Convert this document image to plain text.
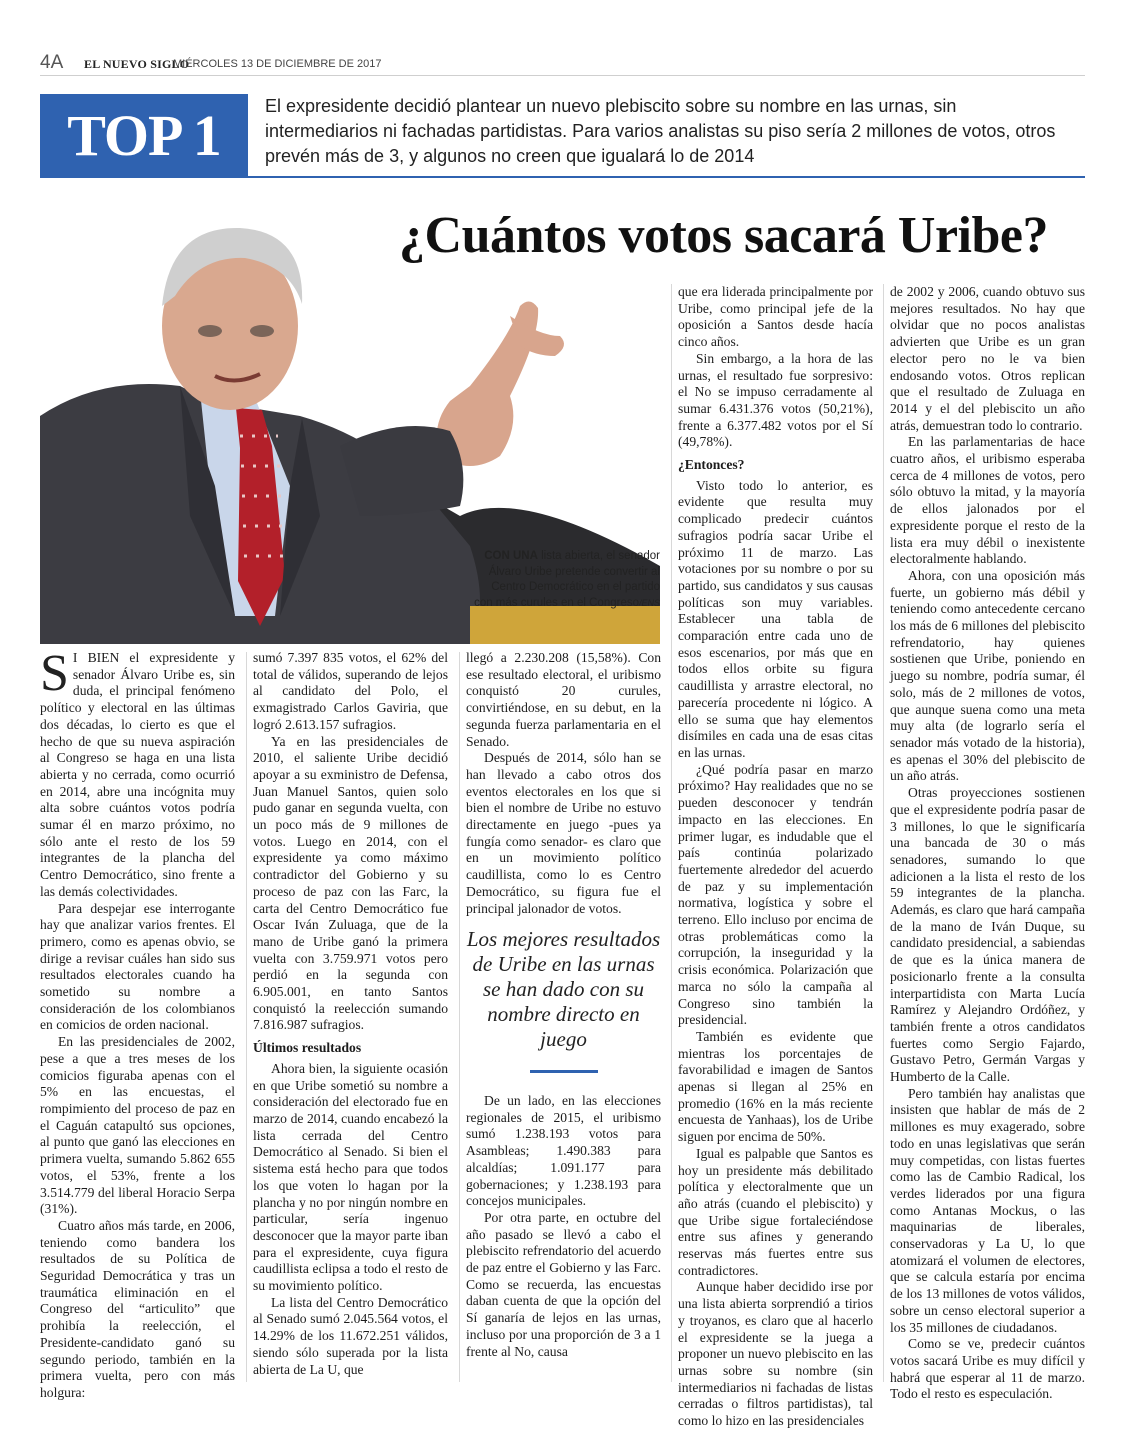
4A EL NUEVO SIGLO
MIÉRCOLES 13 DE DICIEMBRE DE 2017
TOP 1	El expresidente decidió plantear un nuevo plebiscito sobre su nombre en las urnas, sin intermediarios ni fachadas partidistas. Para varios analistas su piso sería 2 millones de votos, otros prevén más de 3, y algunos no creen que igualará lo de 2014
CON UNA lista abierta, el senador Álvaro Uribe pretende convertir al Centro Democrático en el partido con más curules en el Congreso/ENS
¿Cuántos votos sacará Uribe?

S I BIEN el expresidente y senador Álvaro Uribe es, sin duda, el principal fenómeno político y electoral en las últimas dos décadas, lo cierto es que el hecho de que su nueva aspiración al Congreso se haga en una lista abierta y no cerrada, como ocurrió en 2014, abre una incógnita muy alta sobre cuántos votos podría sumar él en marzo próximo, no sólo ante el resto de los 59 integrantes de la plancha del Centro Democrático, sino frente a las demás colectividades.

Para despejar ese interrogante hay que analizar varios frentes. El primero, como es apenas obvio, se dirige a revisar cuáles han sido sus resultados electorales cuando ha sometido su nombre a consideración de los colombianos en comicios de orden nacional.

En las presidenciales de 2002, pese a que a tres meses de los comicios figuraba apenas con el 5% en las encuestas, el rompimiento del proceso de paz en el Caguán catapultó sus opciones, al punto que ganó las elecciones en primera vuelta, sumando 5.862 655 votos, el 53%, frente a los 3.514.779 del liberal Horacio Serpa (31%).

Cuatro años más tarde, en 2006, teniendo como bandera los resultados de su Política de Seguridad Democrática y tras un traumática eliminación en el Congreso del “articulito” que prohibía la reelección, el Presidente-candidato ganó su segundo periodo, también en la primera vuelta, pero con más holgura:

sumó 7.397 835 votos, el 62% del total de válidos, superando de lejos al candidato del Polo, el exmagistrado Carlos Gaviria, que logró 2.613.157 sufragios.

Ya en las presidenciales de 2010, el saliente Uribe decidió apoyar a su exministro de Defensa, Juan Manuel Santos, quien solo pudo ganar en segunda vuelta, con un poco más de 9 millones de votos. Luego en 2014, con el expresidente ya como máximo contradictor del Gobierno y su proceso de paz con las Farc, la carta del Centro Democrático fue Oscar Iván Zuluaga, que de la mano de Uribe ganó la primera vuelta con 3.759.971 votos pero perdió en la segunda con 6.905.001, en tanto Santos conquistó la reelección sumando 7.816.987 sufragios.

Últimos resultados

Ahora bien, la siguiente ocasión en que Uribe sometió su nombre a consideración del electorado fue en marzo de 2014, cuando encabezó la lista cerrada del Centro Democrático al Senado. Si bien el sistema está hecho para que todos los que voten lo hagan por la plancha y no por ningún nombre en particular, sería ingenuo desconocer que la mayor parte iban para el expresidente, cuya figura caudillista eclipsa a todo el resto de su movimiento político.

La lista del Centro Democrático al Senado sumó 2.045.564 votos, el 14.29% de los 11.672.251 válidos, siendo sólo superada por la lista abierta de La U, que

llegó a 2.230.208 (15,58%). Con ese resultado electoral, el uribismo conquistó 20 curules, convirtiéndose, en su debut, en la segunda fuerza parlamentaria en el Senado.

Después de 2014, sólo han se han llevado a cabo otros dos eventos electorales en los que si bien el nombre de Uribe no estuvo directamente en juego -pues ya fungía como senador- es claro que en un movimiento político caudillista, como lo es Centro Democrático, su figura fue el principal jalonador de votos.

Los mejores resultados de Uribe en las urnas se han dado con su nombre directo en juego

De un lado, en las elecciones regionales de 2015, el uribismo sumó 1.238.193 votos para Asambleas; 1.490.383 para alcaldías; 1.091.177 para gobernaciones; y 1.238.193 para concejos municipales.

Por otra parte, en octubre del año pasado se llevó a cabo el plebiscito refrendatorio del acuerdo de paz entre el Gobierno y las Farc. Como se recuerda, las encuestas daban cuenta de que la opción del Sí ganaría de lejos en las urnas, incluso por una proporción de 3 a 1 frente al No, causa

que era liderada principalmente por Uribe, como principal jefe de la oposición a Santos desde hacía cinco años.

Sin embargo, a la hora de las urnas, el resultado fue sorpresivo: el No se impuso cerradamente al sumar 6.431.376 votos (50,21%), frente a 6.377.482 votos por el Sí (49,78%).

¿Entonces?

Visto todo lo anterior, es evidente que resulta muy complicado predecir cuántos sufragios podría sacar Uribe el próximo 11 de marzo. Las votaciones por su nombre o por su partido, sus candidatos y sus causas políticas son muy variables. Establecer una tabla de comparación entre cada uno de esos escenarios, por más que en todos ellos orbite su figura caudillista y arrastre electoral, no parecería procedente ni lógico. A ello se suma que hay elementos disímiles en cada una de esas citas en las urnas.

¿Qué podría pasar en marzo próximo? Hay realidades que no se pueden desconocer y tendrán impacto en las elecciones. En primer lugar, es indudable que el país continúa polarizado fuertemente alrededor del acuerdo de paz y su implementación normativa, logística y sobre el terreno. Ello incluso por encima de otras problemáticas como la corrupción, la inseguridad y la crisis económica. Polarización que marca no sólo la campaña al Congreso sino también la presidencial.

También es evidente que mientras los porcentajes de favorabilidad e imagen de Santos apenas si llegan al 25% en promedio (16% en la más reciente encuesta de Yanhaas), los de Uribe siguen por encima de 50%.

Igual es palpable que Santos es hoy un presidente más debilitado política y electoralmente que un año atrás (cuando el plebiscito) y que Uribe sigue fortaleciéndose entre sus afines y generando reservas más fuertes entre sus contradictores.

Aunque haber decidido irse por una lista abierta sorprendió a tirios y troyanos, es claro que al hacerlo el expresidente se la juega a proponer un nuevo plebiscito en las urnas sobre su nombre (sin intermediarios ni fachadas de listas cerradas o filtros partidistas), tal como lo hizo en las presidenciales

de 2002 y 2006, cuando obtuvo sus mejores resultados. No hay que olvidar que no pocos analistas advierten que Uribe es un gran elector pero no le va bien endosando votos. Otros replican que el resultado de Zuluaga en 2014 y el del plebiscito un año atrás, demuestran todo lo contrario.

En las parlamentarias de hace cuatro años, el uribismo esperaba cerca de 4 millones de votos, pero sólo obtuvo la mitad, y la mayoría de ellos jalonados por el expresidente porque el resto de la lista era muy débil o inexistente electoralmente hablando.

Ahora, con una oposición más fuerte, un gobierno más débil y teniendo como antecedente cercano los más de 6 millones del plebiscito refrendatorio, hay quienes sostienen que Uribe, poniendo en juego su nombre, podría sumar, él solo, más de 2 millones de votos, que aunque suena como una meta muy alta (de lograrlo sería el senador más votado de la historia), es apenas el 30% del plebiscito de un año atrás.

Otras proyecciones sostienen que el expresidente podría pasar de 3 millones, lo que le significaría una bancada de 30 o más senadores, sumando lo que adicionen a la lista el resto de los 59 integrantes de la plancha. Además, es claro que hará campaña de la mano de Iván Duque, su candidato presidencial, a sabiendas de que es la única manera de posicionarlo frente a la consulta interpartidista con Marta Lucía Ramírez y Alejandro Ordóñez, y también frente a otros candidatos fuertes como Sergio Fajardo, Gustavo Petro, Germán Vargas y Humberto de la Calle.

Pero también hay analistas que insisten que hablar de más de 2 millones es muy exagerado, sobre todo en unas legislativas que serán muy competidas, con listas fuertes como las de Cambio Radical, los verdes liderados por una figura como Antanas Mockus, o las maquinarias de liberales, conservadoras y La U, lo que atomizará el volumen de electores, que se calcula estaría por encima de los 13 millones de votos válidos, sobre un censo electoral superior a los 35 millones de ciudadanos.

Como se ve, predecir cuántos votos sacará Uribe es muy difícil y habrá que esperar al 11 de marzo. Todo el resto es especulación.
